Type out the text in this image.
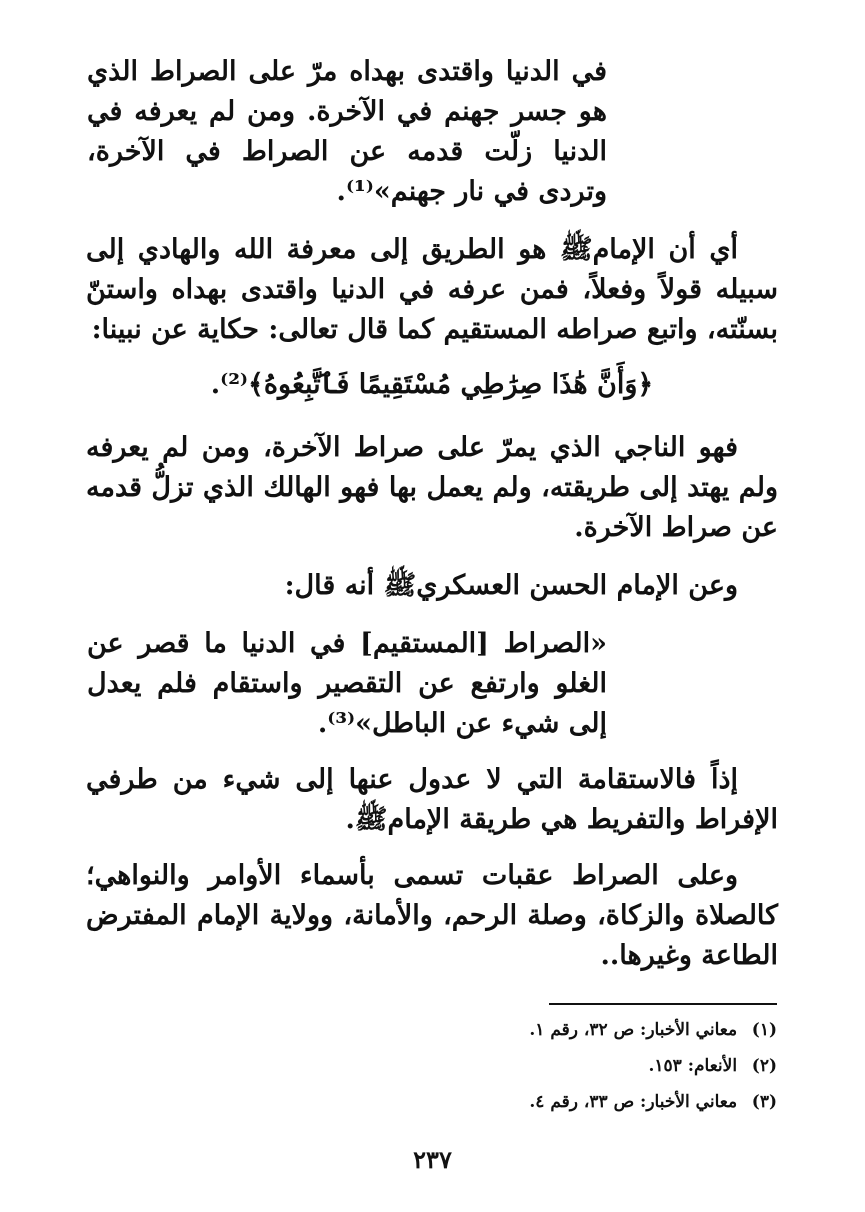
في الدنيا واقتدى بهداه مرّ على الصراط الذي هو جسر جهنم في الآخرة. ومن لم يعرفه في الدنيا زلّت قدمه عن الصراط في الآخرة، وتردى في نار جهنم»⁽¹⁾.

أي أن الإمامﷺ هو الطريق إلى معرفة الله والهادي إلى سبيله قولاً وفعلاً، فمن عرفه في الدنيا واقتدى بهداه واستنّ بسنّته، واتبع صراطه المستقيم كما قال تعالى: حكاية عن نبينا:

﴿وَأَنَّ هَٰذَا صِرَٰطِي مُسْتَقِيمًا فَٱتَّبِعُوهُ﴾⁽²⁾.

فهو الناجي الذي يمرّ على صراط الآخرة، ومن لم يعرفه ولم يهتد إلى طريقته، ولم يعمل بها فهو الهالك الذي تزلُّ قدمه عن صراط الآخرة.

وعن الإمام الحسن العسكريﷺ أنه قال:

«الصراط [المستقيم] في الدنيا ما قصر عن الغلو وارتفع عن التقصير واستقام فلم يعدل إلى شيء عن الباطل»⁽³⁾.

إذاً فالاستقامة التي لا عدول عنها إلى شيء من طرفي الإفراط والتفريط هي طريقة الإمامﷺ.

وعلى الصراط عقبات تسمى بأسماء الأوامر والنواهي؛ كالصلاة والزكاة، وصلة الرحم، والأمانة، وولاية الإمام المفترض الطاعة وغيرها..

(١) معاني الأخبار: ص ٣٢، رقم ١.
(٢) الأنعام: ١٥٣.
(٣) معاني الأخبار: ص ٣٣، رقم ٤.
٢٣٧
